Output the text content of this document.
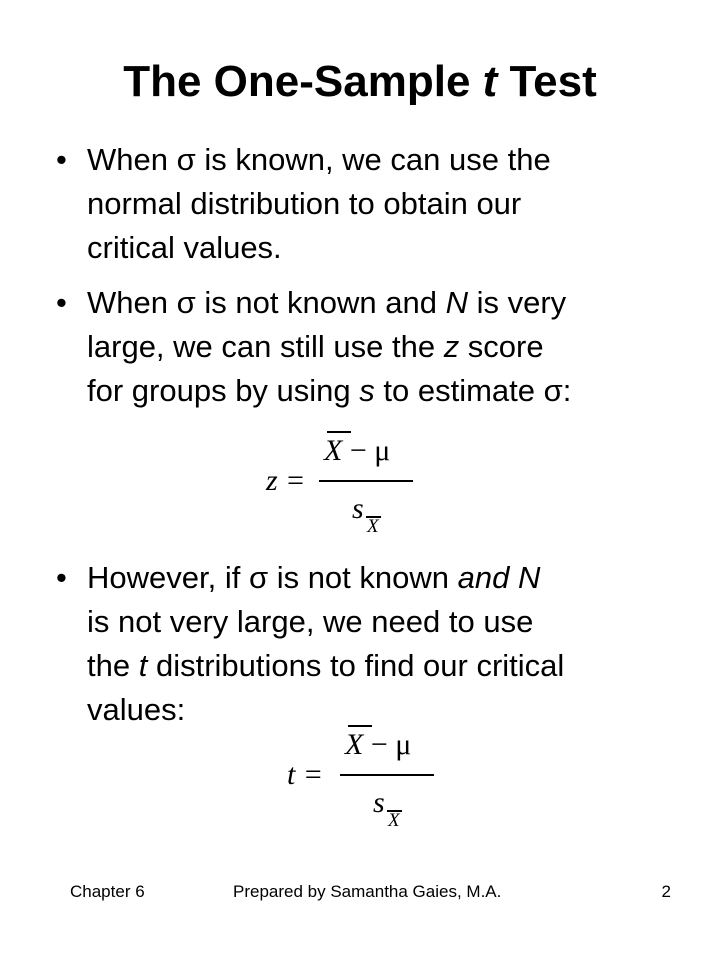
The One-Sample t Test
• When σ is known, we can use the
normal distribution to obtain our
critical values.
• When σ is not known and N is very
large, we can still use the z score
for groups by using s to estimate σ:
z =
X − μ
s
X
• However, if σ is not known and N
is not very large, we need to use
the t distributions to find our critical
values:
t =
X − μ
s
X
Chapter 6	Prepared by Samantha Gaies, M.A.	2
